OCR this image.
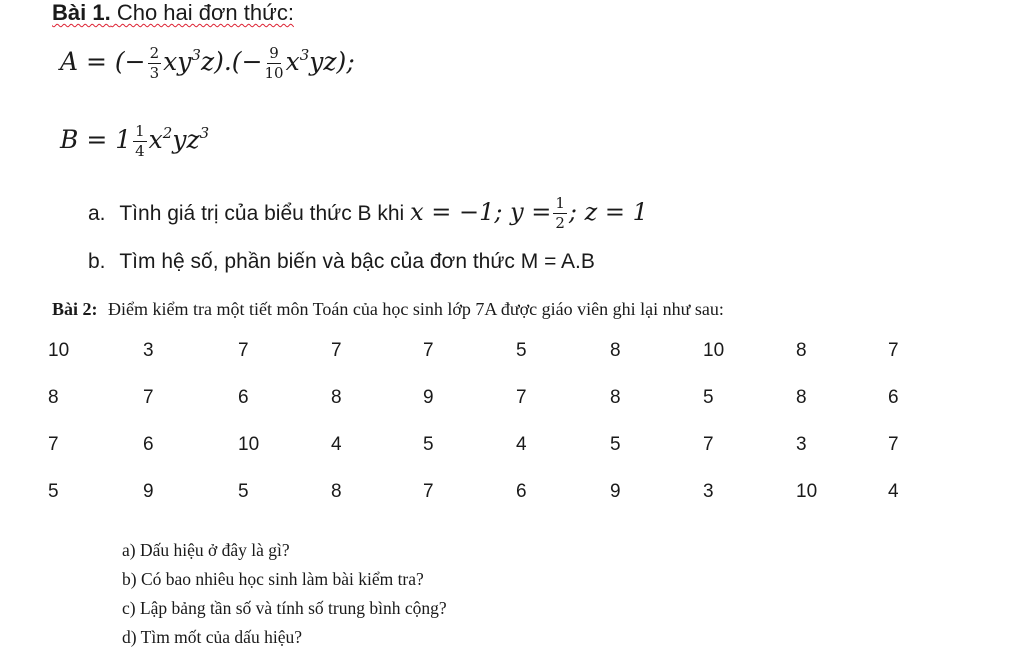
Bài 1. Cho hai đơn thức:
A = (− $\frac{2}{3} xy^3z).(- \frac{9}{10} x^3yz)$;
$B = 1 \frac{1}{4} x^2yz^3$
a. Tình giá trị của biểu thức B khi x = −1; $y = \frac{1}{2}$ ; z = 1
b. Tìm hệ số, phần biến và bậc của đơn thức M = A.B
Bài 2: Điểm kiểm tra một tiết môn Toán của học sinh lớp 7A được giáo viên ghi lại như sau:
10	3	7	7	7	5	8	10	8	7
8	7	6	8	9	7	8	5	8	6
7	6	10	4	5	4	5	7	3	7
5	9	5	8	7	6	9	3	10	4
a) Dấu hiệu ở đây là gì?
b) Có bao nhiêu học sinh làm bài kiểm tra?
c) Lập bảng tần số và tính số trung bình cộng?
d) Tìm mốt của dấu hiệu?
